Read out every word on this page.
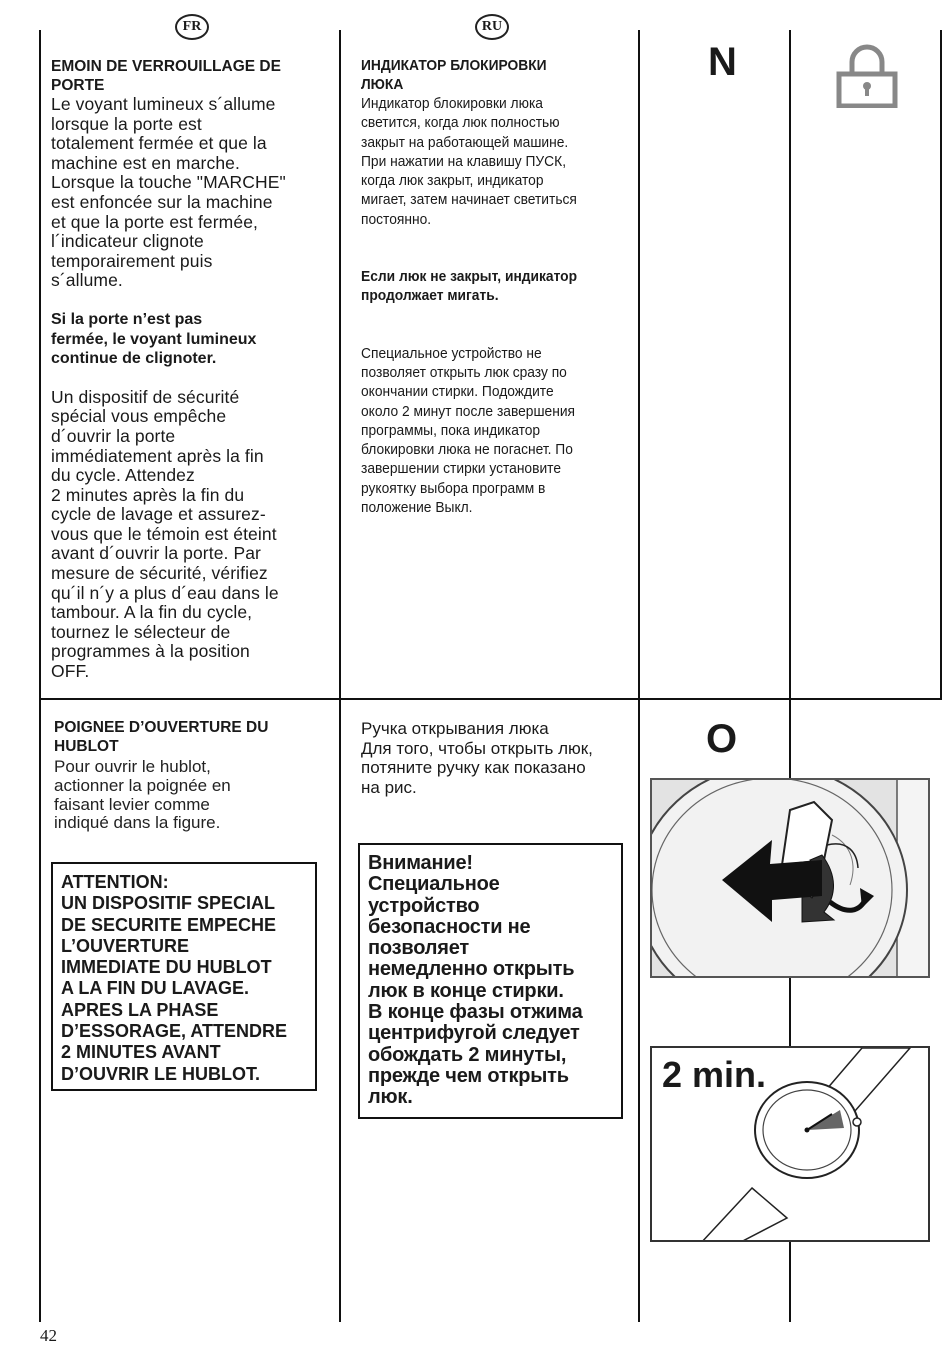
FR	RU
EMOIN DE VERROUILLAGE DE
PORTE
Le voyant lumineux s´allume
lorsque la porte est
totalement fermée et que la
machine est en marche.
Lorsque la touche "MARCHE"
est enfoncée sur la machine
et que la porte est fermée,
l´indicateur clignote
temporairement puis
s´allume.
Si la porte n’est pas
fermée, le voyant lumineux
continue de clignoter.
Un dispositif de sécurité
spécial vous empêche
d´ouvrir la porte
immédiatement après la fin
du cycle. Attendez
2 minutes après la fin du
cycle de lavage et assurez-
vous que le témoin est éteint
avant d´ouvrir la porte. Par
mesure de sécurité, vérifiez
qu´il n´y a plus d´eau dans le
tambour. A la fin du cycle,
tournez le sélecteur de
programmes à la position
OFF.
ИНДИКАТОР БЛОКИРОВКИ
ЛЮКА
Индикатор блокировки люка
светится, когда люк полностью
закрыт на работающей машине.
При нажатии на клавишу ПУСК,
когда люк закрыт, индикатор
мигает, затем начинает светиться
постоянно.
Если люк не закрыт, индикатор
продолжает мигать.
Специальное устройство не
позволяет открыть люк сразу по
окончании стирки. Подождите
около 2 минут после завершения
программы, пока индикатор
блокировки люка не погаснет. По
завершении стирки установите
рукоятку выбора программ в
положение Выкл.
N
POIGNEE D’OUVERTURE DU
HUBLOT
Pour ouvrir le hublot,
actionner la poignée en
faisant levier comme
indiqué dans la figure.
ATTENTION:
UN DISPOSITIF SPECIAL
DE SECURITE EMPECHE
L’OUVERTURE
IMMEDIATE DU HUBLOT
A LA FIN DU LAVAGE.
APRES LA PHASE
D’ESSORAGE, ATTENDRE
2 MINUTES AVANT
D’OUVRIR LE HUBLOT.
Ручка открывания люка
Для того, чтобы открыть люк,
потяните ручку как показано
на рис.
Внимание!
Специальное
устройство
безопасности не
позволяет
немедленно открыть
люк в конце стирки.
В конце фазы отжима
центрифугой следует
обождать 2 минуты,
прежде чем открыть
люк.
O
2 min.
42
